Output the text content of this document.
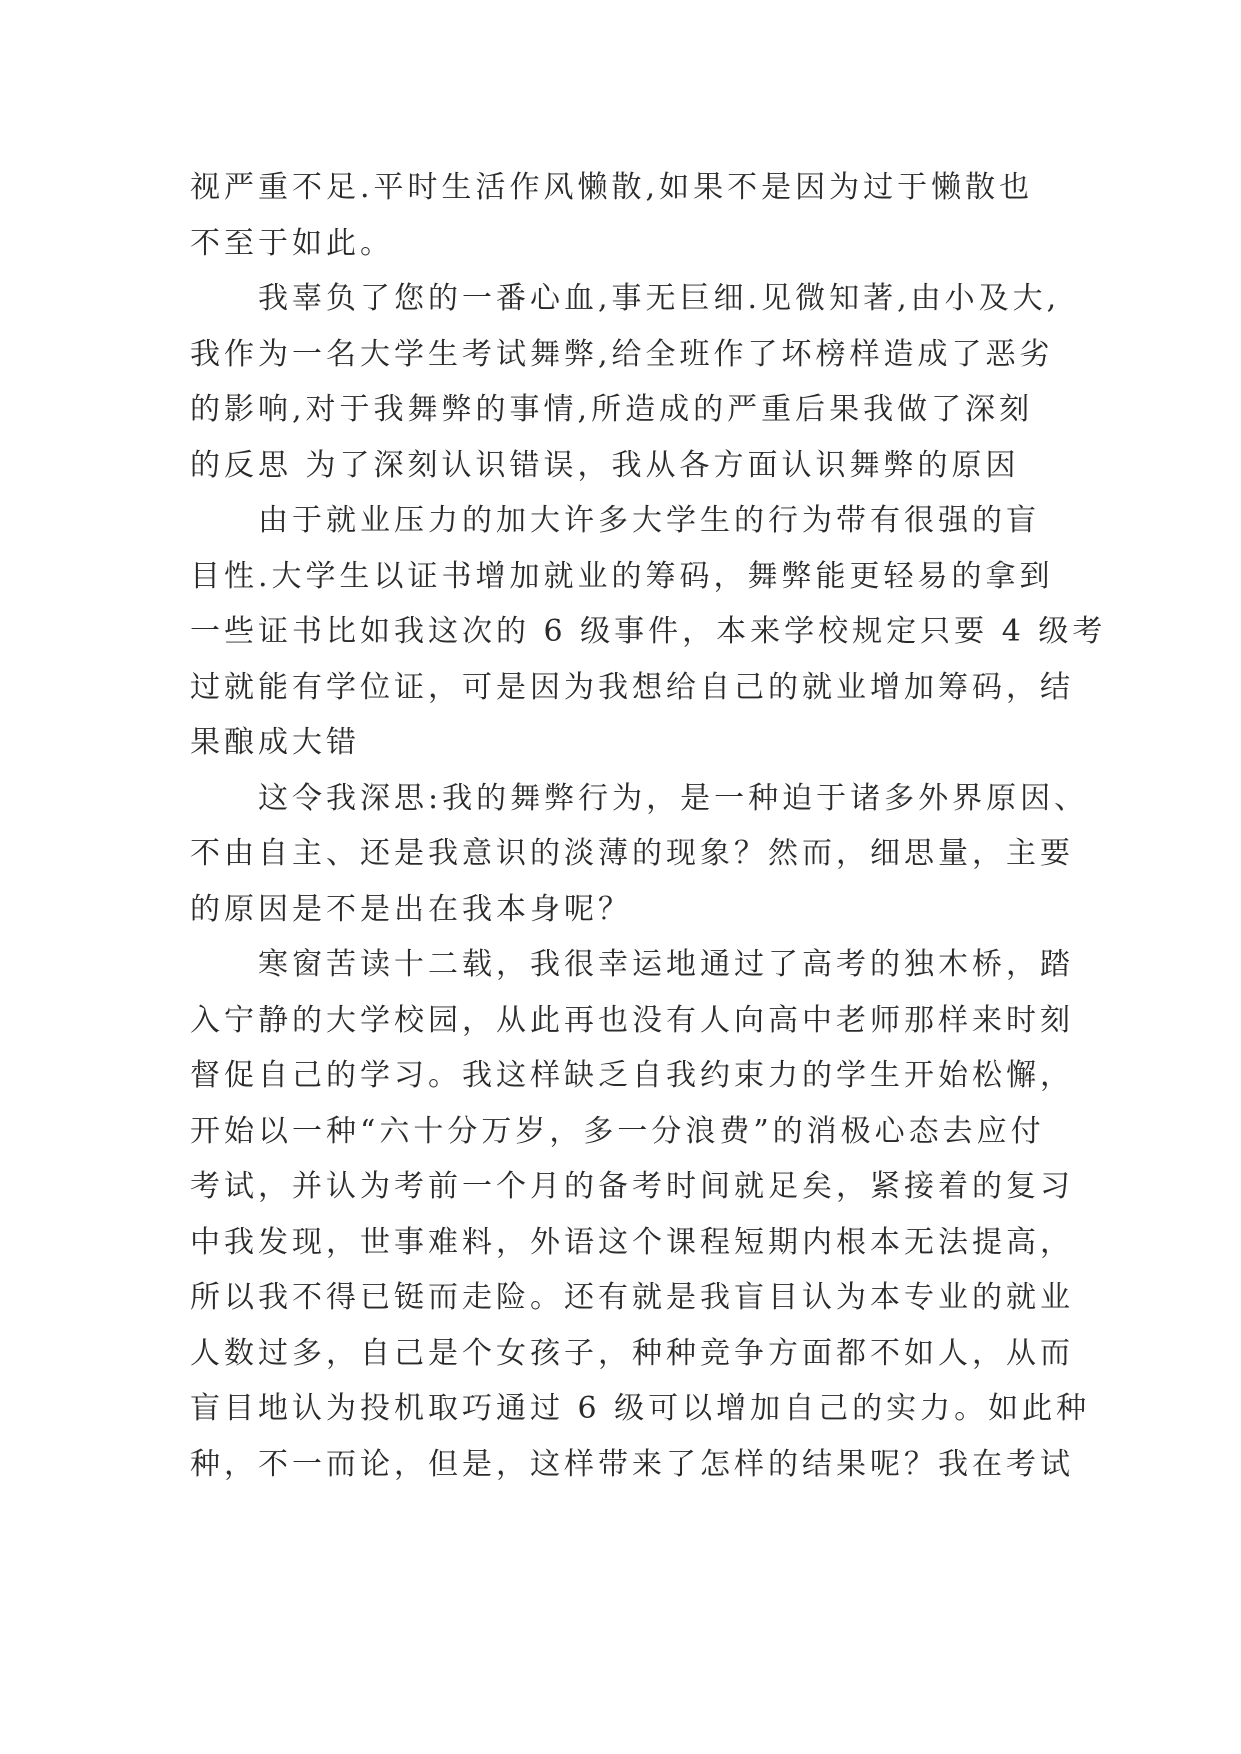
视严重不足.平时生活作风懒散,如果不是因为过于懒散也
不至于如此。
我辜负了您的一番心血,事无巨细.见微知著,由小及大,
我作为一名大学生考试舞弊,给全班作了坏榜样造成了恶劣
的影响,对于我舞弊的事情,所造成的严重后果我做了深刻
的反思 为了深刻认识错误，我从各方面认识舞弊的原因
由于就业压力的加大许多大学生的行为带有很强的盲
目性.大学生以证书增加就业的筹码，舞弊能更轻易的拿到
一些证书比如我这次的 6 级事件，本来学校规定只要 4 级考
过就能有学位证，可是因为我想给自己的就业增加筹码，结
果酿成大错
这令我深思:我的舞弊行为，是一种迫于诸多外界原因、
不由自主、还是我意识的淡薄的现象？然而，细思量，主要
的原因是不是出在我本身呢？
寒窗苦读十二载，我很幸运地通过了高考的独木桥，踏
入宁静的大学校园，从此再也没有人向高中老师那样来时刻
督促自己的学习。我这样缺乏自我约束力的学生开始松懈，
开始以一种“六十分万岁，多一分浪费”的消极心态去应付
考试，并认为考前一个月的备考时间就足矣，紧接着的复习
中我发现，世事难料，外语这个课程短期内根本无法提高，
所以我不得已铤而走险。还有就是我盲目认为本专业的就业
人数过多，自己是个女孩子，种种竞争方面都不如人，从而
盲目地认为投机取巧通过 6 级可以增加自己的实力。如此种
种，不一而论，但是，这样带来了怎样的结果呢？我在考试
